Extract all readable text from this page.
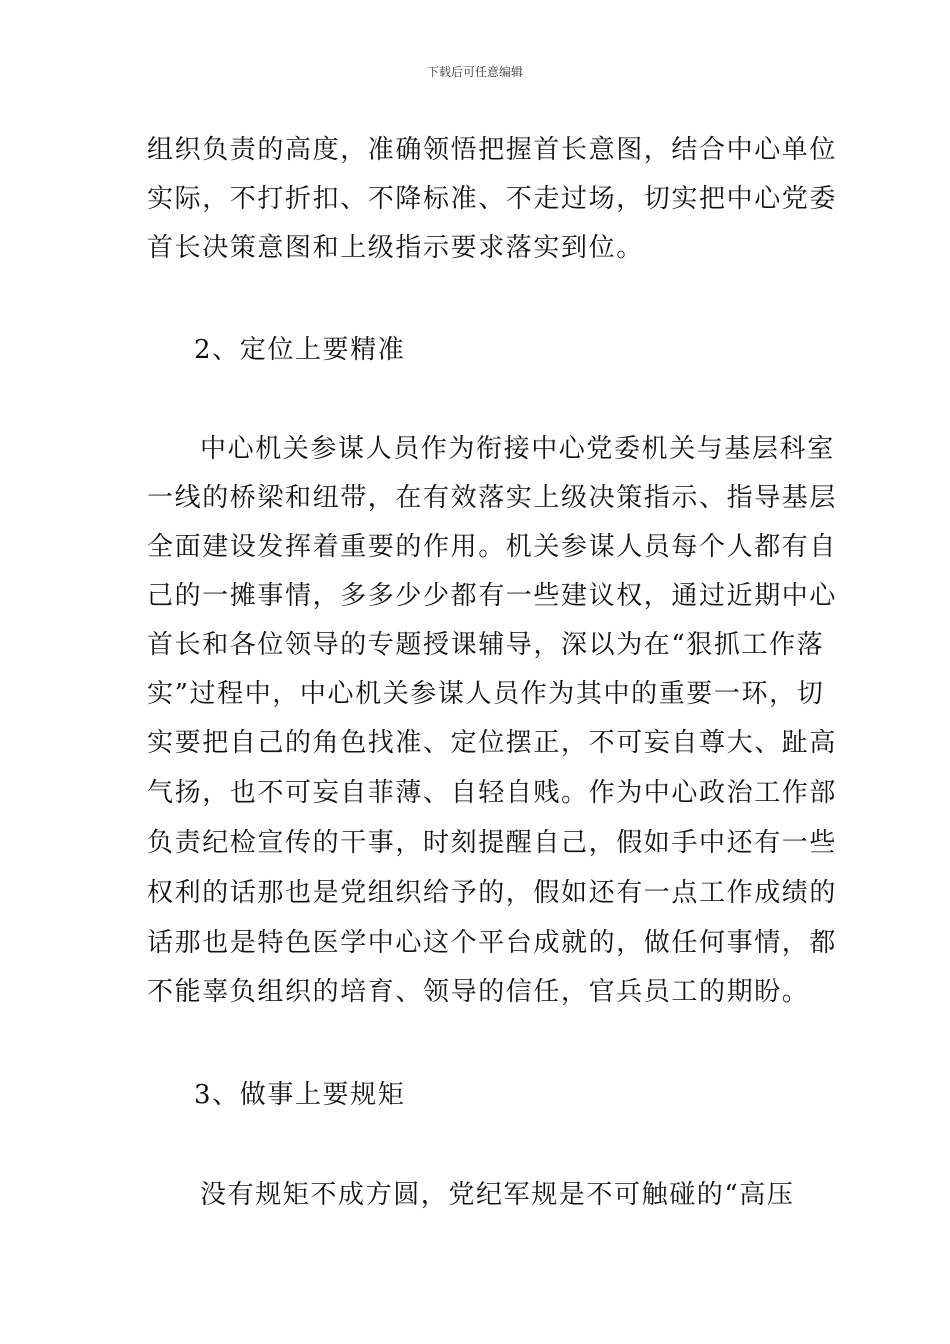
下载后可任意编辑
组织负责的高度，准确领悟把握首长意图，结合中心单位
实际，不打折扣、不降标准、不走过场，切实把中心党委
首长决策意图和上级指示要求落实到位。
2、定位上要精准
中心机关参谋人员作为衔接中心党委机关与基层科室
一线的桥梁和纽带，在有效落实上级决策指示、指导基层
全面建设发挥着重要的作用。机关参谋人员每个人都有自
己的一摊事情，多多少少都有一些建议权，通过近期中心
首长和各位领导的专题授课辅导，深以为在“狠抓工作落
实”过程中，中心机关参谋人员作为其中的重要一环，切
实要把自己的角色找准、定位摆正，不可妄自尊大、趾高
气扬，也不可妄自菲薄、自轻自贱。作为中心政治工作部
负责纪检宣传的干事，时刻提醒自己，假如手中还有一些
权利的话那也是党组织给予的，假如还有一点工作成绩的
话那也是特色医学中心这个平台成就的，做任何事情，都
不能辜负组织的培育、领导的信任，官兵员工的期盼。
3、做事上要规矩
没有规矩不成方圆，党纪军规是不可触碰的“高压
